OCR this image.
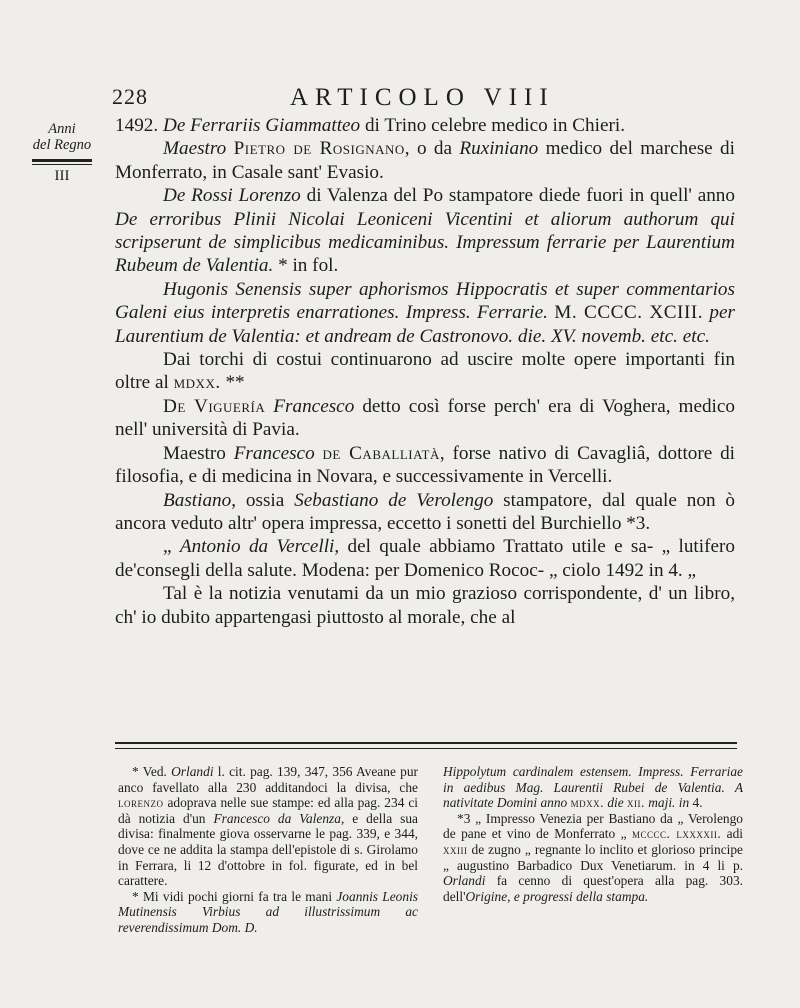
228	ARTICOLO VIII
Anni
del Regno
III

1492. De Ferrariis Giammatteo di Trino celebre medico in Chieri.

Maestro Pietro de Rosignano, o da Ruxiniano medico del marchese di Monferrato, in Casale sant' Evasio.

De Rossi Lorenzo di Valenza del Po stampatore diede fuori in quell' anno De erroribus Plinii Nicolai Leoniceni Vicentini et aliorum authorum qui scripserunt de simplicibus medicaminibus. Impressum ferrarie per Laurentium Rubeum de Valentia. * in fol.

Hugonis Senensis super aphorismos Hippocratis et super commentarios Galeni eius interpretis enarrationes. Impress. Ferrarie. M. CCCC. XCIII. per Laurentium de Valentia: et andream de Castronovo. die. XV. novemb. etc. etc.

Dai torchi di costui continuarono ad uscire molte opere importanti fin oltre al mdxx. **

De Viguería Francesco detto così forse perch' era di Voghera, medico nell' università di Pavia.

Maestro Francesco de Caballiatà, forse nativo di Cavagliâ, dottore di filosofia, e di medicina in Novara, e successivamente in Vercelli.

Bastiano, ossia Sebastiano de Verolengo stampatore, dal quale non ò ancora veduto altr' opera impressa, eccetto i sonetti del Burchiello *3.

„ Antonio da Vercelli, del quale abbiamo Trattato utile e sa- „ lutifero de'consegli della salute. Modena: per Domenico Rococ- „ ciolo 1492 in 4. „

Tal è la notizia venutami da un mio grazioso corrispondente, d' un libro, ch' io dubito appartengasi piuttosto al morale, che al

* Ved. Orlandi l. cit. pag. 139, 347, 356 Aveane pur anco favellato alla 230 additandoci la divisa, che lorenzo adoprava nelle sue stampe: ed alla pag. 234 ci dà notizia d'un Francesco da Valenza, e della sua divisa: finalmente giova osservarne le pag. 339, e 344, dove ce ne addita la stampa dell'epistole di s. Girolamo in Ferrara, li 12 d'ottobre in fol. figurate, ed in bel carattere.

* Mi vidi pochi giorni fa tra le mani Joannis Leonis Mutinensis Virbius ad illustrissimum ac reverendissimum Dom. D.

Hippolytum cardinalem estensem. Impress. Ferrariae in aedibus Mag. Laurentii Rubei de Valentia. A nativitate Domini anno mdxx. die xii. maji. in 4.

*3 „ Impresso Venezia per Bastiano da „ Verolengo de pane et vino de Monferrato „ mcccc. lxxxxii. adi xxiii de zugno „ regnante lo inclito et glorioso principe „ augustino Barbadico Dux Venetiarum. in 4 li p. Orlandi fa cenno di quest'opera alla pag. 303. dell'Origine, e progressi della stampa.
